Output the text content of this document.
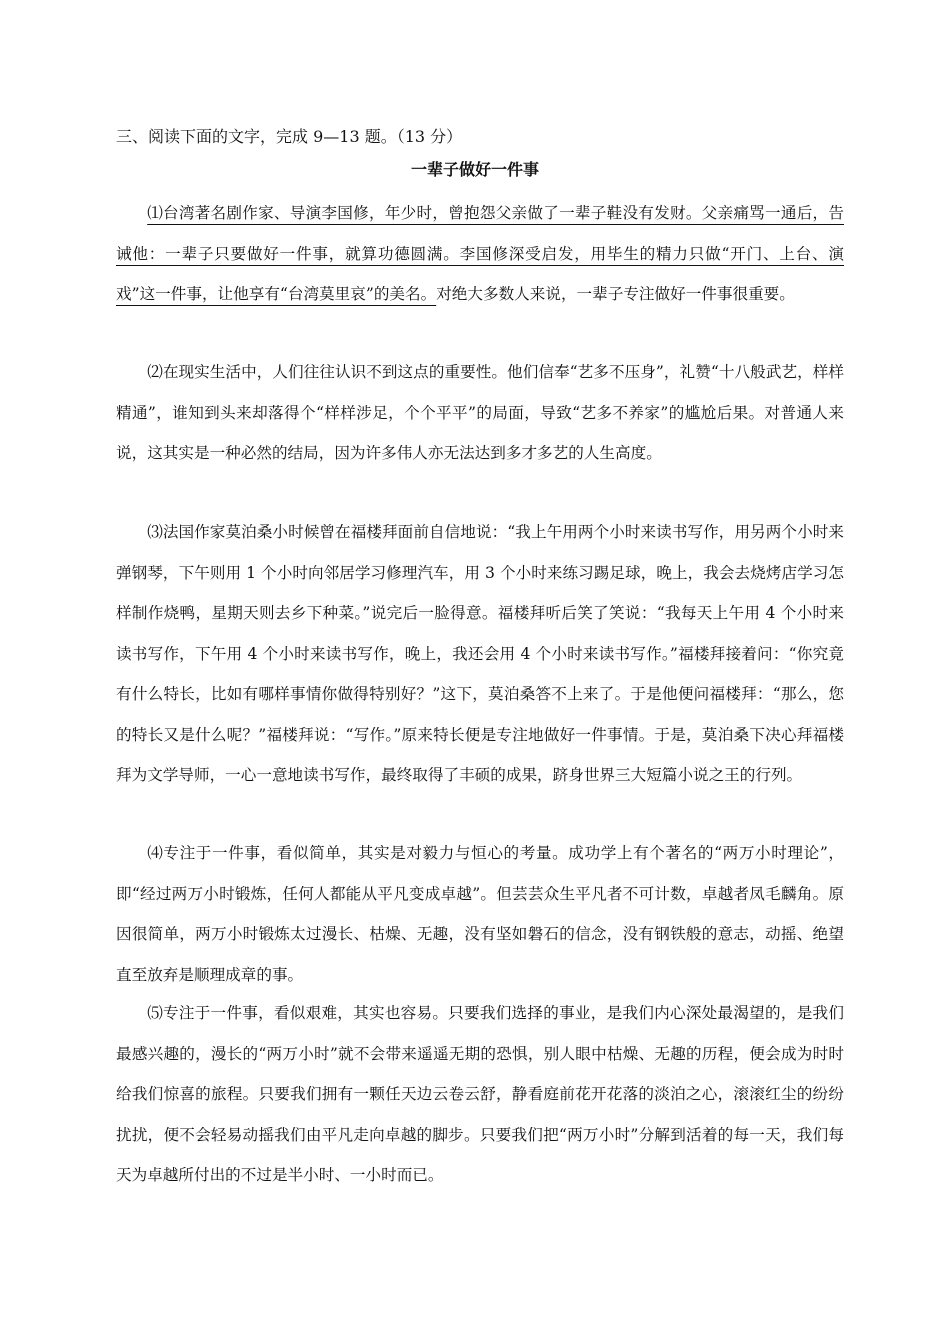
三、阅读下面的文字，完成 9—13 题。（13 分）
一辈子做好一件事

⑴台湾著名剧作家、导演李国修，年少时，曾抱怨父亲做了一辈子鞋没有发财。父亲痛骂一通后，告诫他：一辈子只要做好一件事，就算功德圆满。李国修深受启发，用毕生的精力只做“开门、上台、演戏”这一件事，让他享有“台湾莫里哀”的美名。对绝大多数人来说，一辈子专注做好一件事很重要。

⑵在现实生活中，人们往往认识不到这点的重要性。他们信奉“艺多不压身”，礼赞“十八般武艺，样样精通”，谁知到头来却落得个“样样涉足，个个平平”的局面，导致“艺多不养家”的尴尬后果。对普通人来说，这其实是一种必然的结局，因为许多伟人亦无法达到多才多艺的人生高度。

⑶法国作家莫泊桑小时候曾在福楼拜面前自信地说：“我上午用两个小时来读书写作，用另两个小时来弹钢琴，下午则用 1 个小时向邻居学习修理汽车，用 3 个小时来练习踢足球，晚上，我会去烧烤店学习怎样制作烧鸭，星期天则去乡下种菜。”说完后一脸得意。福楼拜听后笑了笑说：“我每天上午用 4 个小时来读书写作，下午用 4 个小时来读书写作，晚上，我还会用 4 个小时来读书写作。”福楼拜接着问：“你究竟有什么特长，比如有哪样事情你做得特别好？”这下，莫泊桑答不上来了。于是他便问福楼拜：“那么，您的特长又是什么呢？”福楼拜说：“写作。”原来特长便是专注地做好一件事情。于是，莫泊桑下决心拜福楼拜为文学导师，一心一意地读书写作，最终取得了丰硕的成果，跻身世界三大短篇小说之王的行列。

⑷专注于一件事，看似简单，其实是对毅力与恒心的考量。成功学上有个著名的“两万小时理论”，即“经过两万小时锻炼，任何人都能从平凡变成卓越”。但芸芸众生平凡者不可计数，卓越者凤毛麟角。原因很简单，两万小时锻炼太过漫长、枯燥、无趣，没有坚如磐石的信念，没有钢铁般的意志，动摇、绝望直至放弃是顺理成章的事。

⑸专注于一件事，看似艰难，其实也容易。只要我们选择的事业，是我们内心深处最渴望的，是我们最感兴趣的，漫长的“两万小时”就不会带来遥遥无期的恐惧，别人眼中枯燥、无趣的历程，便会成为时时给我们惊喜的旅程。只要我们拥有一颗任天边云卷云舒，静看庭前花开花落的淡泊之心，滚滚红尘的纷纷扰扰，便不会轻易动摇我们由平凡走向卓越的脚步。只要我们把“两万小时”分解到活着的每一天，我们每天为卓越所付出的不过是半小时、一小时而已。
